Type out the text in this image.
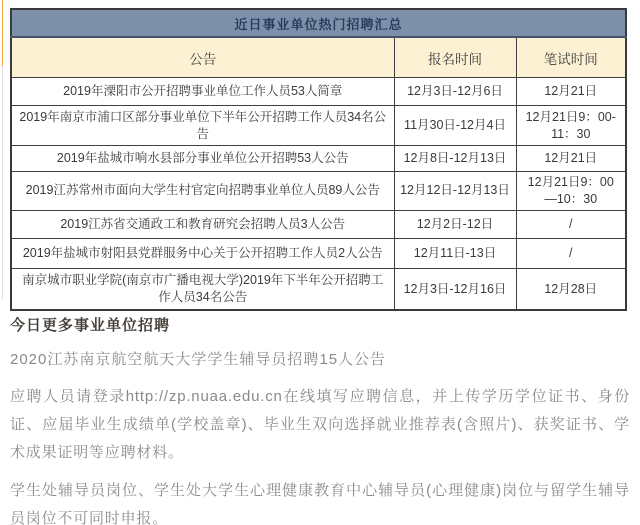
近日事业单位热门招聘汇总		
公告	报名时间	笔试时间
2019年溧阳市公开招聘事业单位工作人员53人简章	12月3日-12月6日	12月21日
2019年南京市浦口区部分事业单位下半年公开招聘工作人员34名公告	11月30日-12月4日	12月21日9：00-11：30
2019年盐城市响水县部分事业单位公开招聘53人公告	12月8日-12月13日	12月21日
2019江苏常州市面向大学生村官定向招聘事业单位人员89人公告	12月12日-12月13日	12月21日9：00—10：30
2019江苏省交通政工和教育研究会招聘人员3人公告	12月2日-12日	/
2019年盐城市射阳县党群服务中心关于公开招聘工作人员2人公告	12月11日-13日	/
南京城市职业学院(南京市广播电视大学)2019年下半年公开招聘工作人员34名公告	12月3日-12月16日	12月28日
今日更多事业单位招聘
2020江苏南京航空航天大学学生辅导员招聘15人公告

应聘人员请登录http://zp.nuaa.edu.cn在线填写应聘信息，并上传学历学位证书、身份证、应届毕业生成绩单(学校盖章)、毕业生双向选择就业推荐表(含照片)、获奖证书、学术成果证明等应聘材料。

学生处辅导员岗位、学生处大学生心理健康教育中心辅导员(心理健康)岗位与留学生辅导员岗位不可同时申报。
